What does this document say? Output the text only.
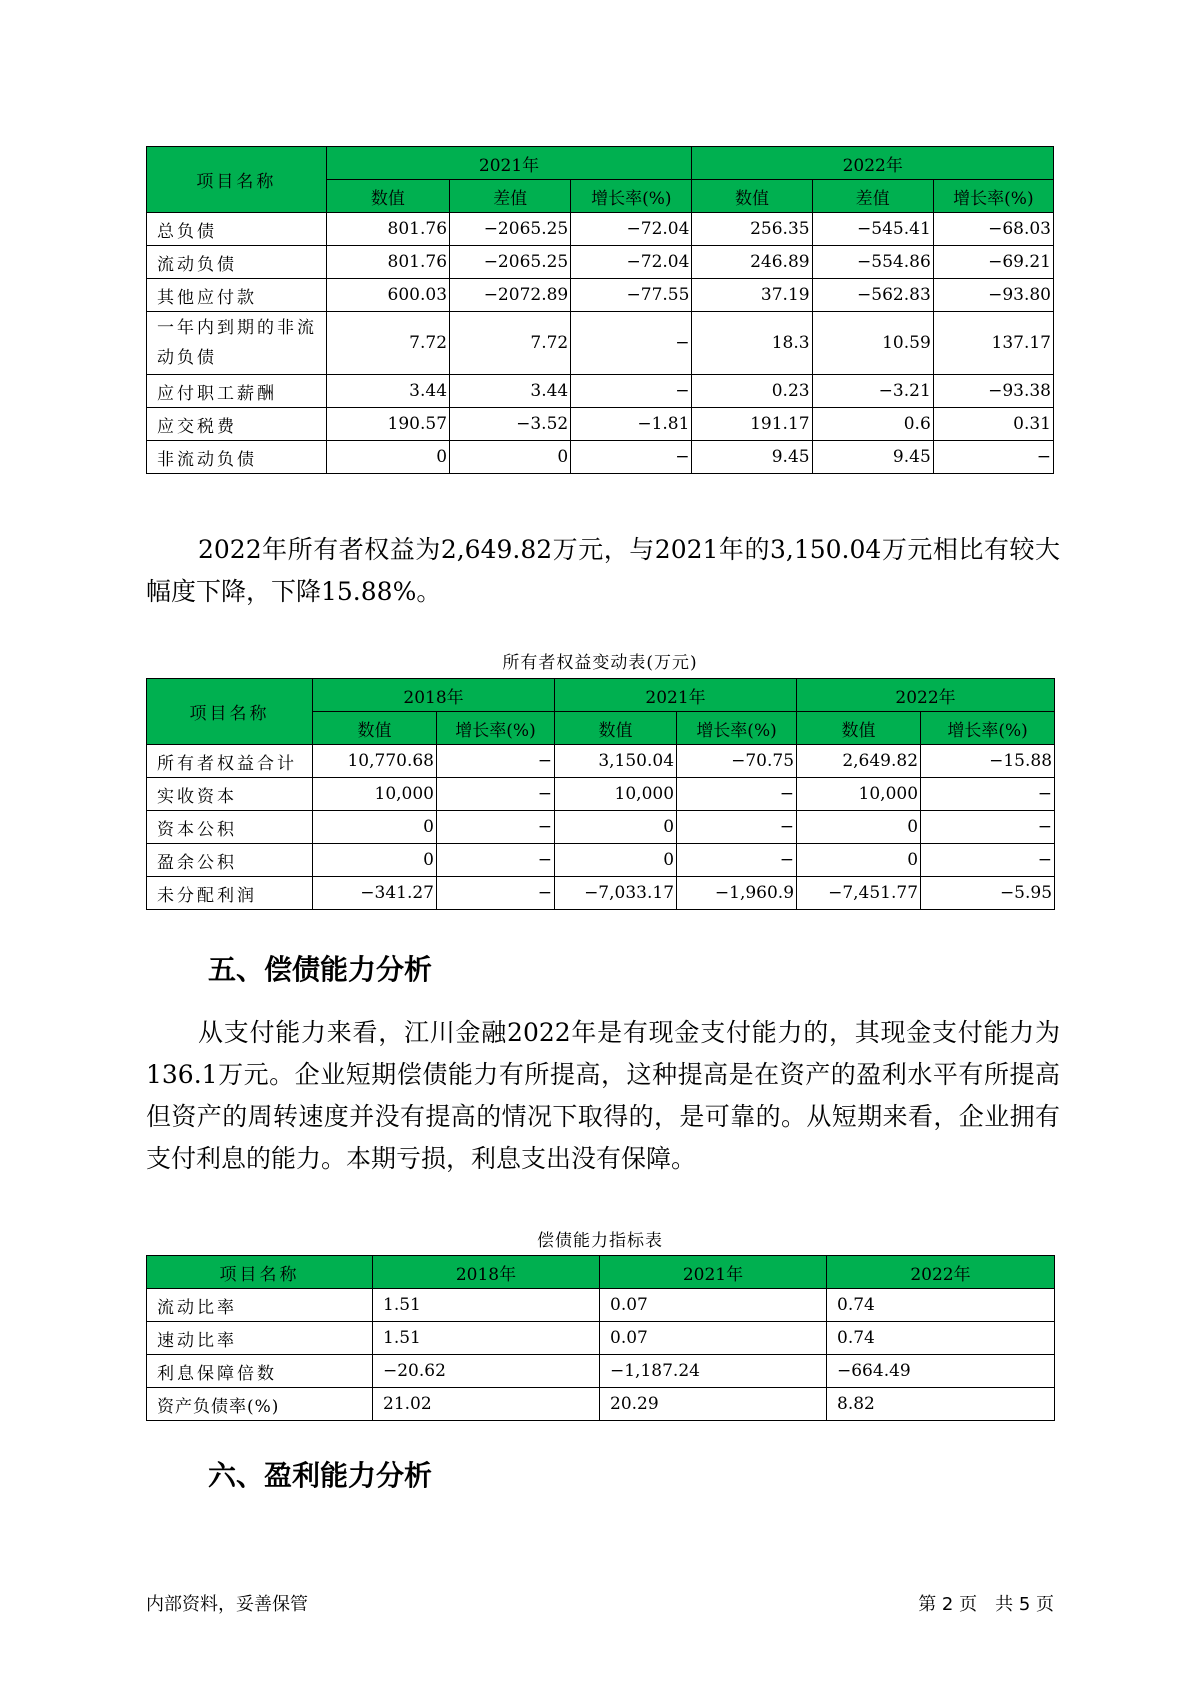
项目名称	2021年			2022年		
	数值	差值	增长率(%)	数值	差值	增长率(%)
总负债	801.76	−2065.25	−72.04	256.35	−545.41	−68.03
流动负债	801.76	−2065.25	−72.04	246.89	−554.86	−69.21
其他应付款	600.03	−2072.89	−77.55	37.19	−562.83	−93.80
一年内到期的非流动负债	7.72	7.72	−	18.3	10.59	137.17
应付职工薪酬	3.44	3.44	−	0.23	−3.21	−93.38
应交税费	190.57	−3.52	−1.81	191.17	0.6	0.31
非流动负债	0	0	−	9.45	9.45	−

2022年所有者权益为2,649.82万元，与2021年的3,150.04万元相比有较大幅度下降，下降15.88%。

所有者权益变动表(万元)
项目名称	2018年		2021年		2022年	
	数值	增长率(%)	数值	增长率(%)	数值	增长率(%)
所有者权益合计	10,770.68	−	3,150.04	−70.75	2,649.82	−15.88
实收资本	10,000	−	10,000	−	10,000	−
资本公积	0	−	0	−	0	−
盈余公积	0	−	0	−	0	−
未分配利润	−341.27	−	−7,033.17	−1,960.9	−7,451.77	−5.95
五、偿债能力分析

从支付能力来看，江川金融2022年是有现金支付能力的，其现金支付能力为136.1万元。企业短期偿债能力有所提高，这种提高是在资产的盈利水平有所提高但资产的周转速度并没有提高的情况下取得的，是可靠的。从短期来看，企业拥有支付利息的能力。本期亏损，利息支出没有保障。

偿债能力指标表
项目名称	2018年	2021年	2022年
流动比率	1.51	0.07	0.74
速动比率	1.51	0.07	0.74
利息保障倍数	−20.62	−1,187.24	−664.49
资产负债率(%)	21.02	20.29	8.82
六、盈利能力分析
内部资料，妥善保管	第 2 页　共 5 页
